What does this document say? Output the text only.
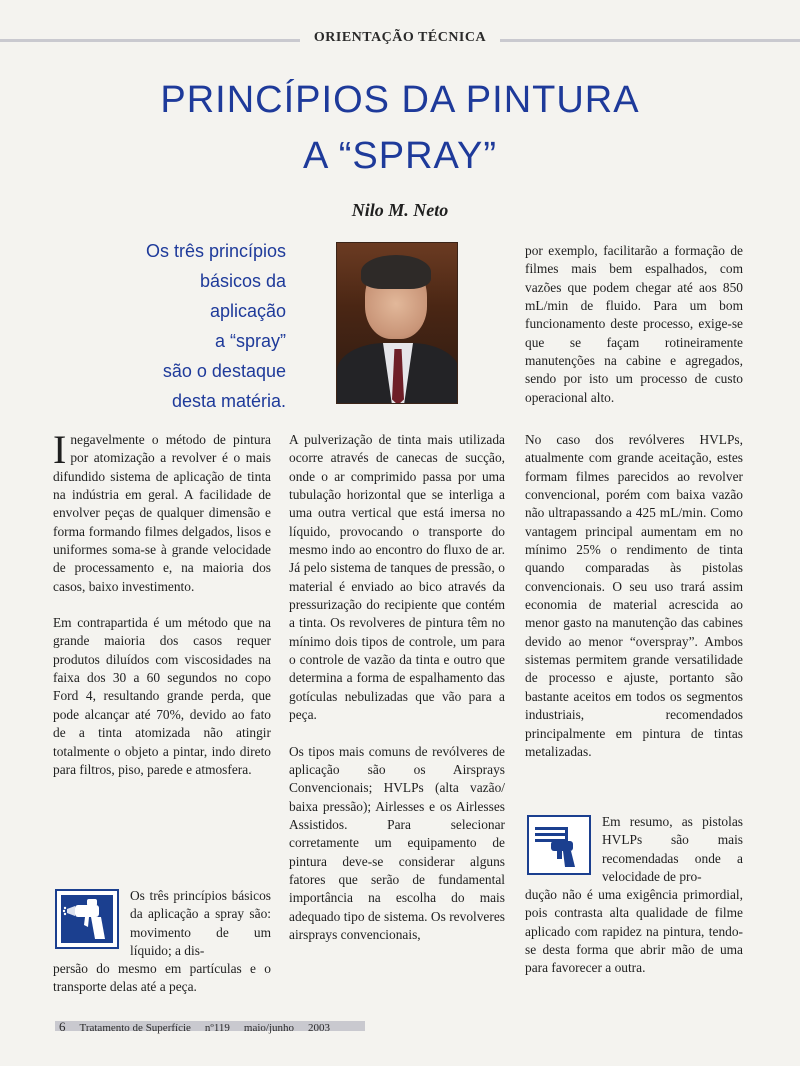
ORIENTAÇÃO TÉCNICA
PRINCÍPIOS DA PINTURA
A “SPRAY”
Nilo M. Neto
Os três princípios
básicos da
aplicação
a “spray”
são o destaque
desta matéria.

por exemplo, facilitarão a formação de filmes mais bem espalhados, com vazões que podem chegar até aos 850 mL/min de fluido. Para um bom funcionamento deste processo, exige-se que se façam rotineiramente manutenções na cabine e agregados, sendo por isto um processo de custo operacional alto.

Inegavelmente o método de pintura por atomização a revolver é o mais difundido sistema de aplicação de tinta na indústria em geral. A facilidade de envolver peças de qualquer dimensão e forma formando filmes delgados, lisos e uniformes soma-se à grande velocidade de processamento e, na maioria dos casos, baixo investimento.

Em contrapartida é um método que na grande maioria dos casos requer produtos diluídos com viscosidades na faixa dos 30 a 60 segundos no copo Ford 4, resultando grande perda, que pode alcançar até 70%, devido ao fato de a tinta atomizada não atingir totalmente o objeto a pintar, indo direto para filtros, piso, parede e atmosfera.

Os três princípios básicos da aplicação a spray são: movimento de um líquido; a dis-
persão do mesmo em partículas e o transporte delas até a peça.

A pulverização de tinta mais utilizada ocorre através de canecas de sucção, onde o ar comprimido passa por uma tubulação horizontal que se interliga a uma outra vertical que está imersa no líquido, provocando o transporte do mesmo indo ao encontro do fluxo de ar. Já pelo sistema de tanques de pressão, o material é enviado ao bico através da pressurização do recipiente que contém a tinta. Os revolveres de pintura têm no mínimo dois tipos de controle, um para o controle de vazão da tinta e outro que determina a forma de espalhamento das gotículas nebulizadas que vão para a peça.

Os tipos mais comuns de revólveres de aplicação são os Airsprays Convencionais; HVLPs (alta vazão/ baixa pressão); Airlesses e os Airlesses Assistidos. Para selecionar corretamente um equipamento de pintura deve-se considerar alguns fatores que serão de fundamental importância na escolha do mais adequado tipo de sistema. Os revolveres airsprays convencionais,

No caso dos revólveres HVLPs, atualmente com grande aceitação, estes formam filmes parecidos ao revolver convencional, porém com baixa vazão não ultrapassando a 425 mL/min. Como vantagem principal aumentam em no mínimo 25% o rendimento de tinta quando comparadas às pistolas convencionais. O seu uso trará assim economia de material acrescida ao menor gasto na manutenção das cabines devido ao menor “overspray”. Ambos sistemas permitem grande versatilidade de processo e ajuste, portanto são bastante aceitos em todos os segmentos industriais, recomendados principalmente em pintura de tintas metalizadas.

Em resumo, as pistolas HVLPs são mais recomendadas onde a velocidade de pro-
dução não é uma exigência primordial, pois contrasta alta qualidade de filme aplicado com rapidez na pintura, tendo-se desta forma que abrir mão de uma para favorecer a outra.
6 Tratamento de Superfície nº119 maio/junho 2003
